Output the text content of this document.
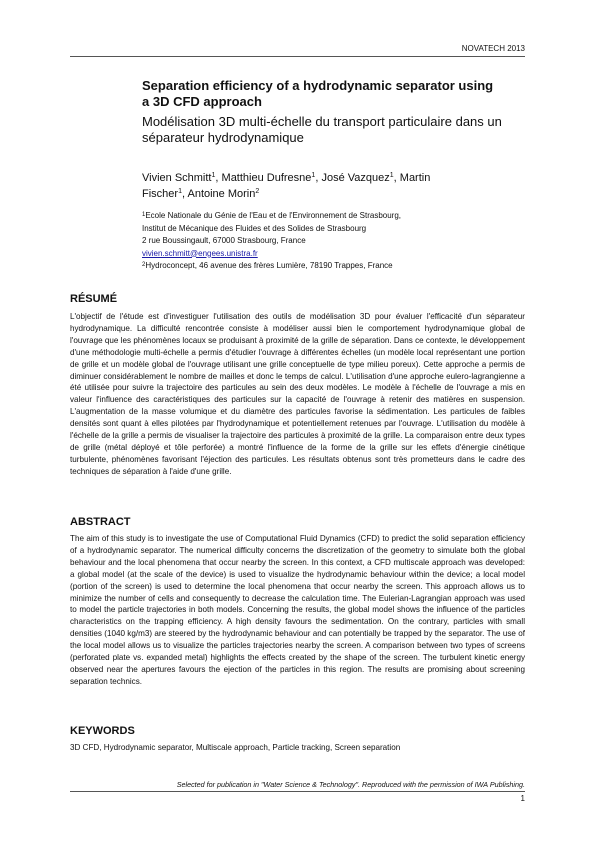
NOVATECH 2013
Separation efficiency of a hydrodynamic separator using a 3D CFD approach
Modélisation 3D multi-échelle du transport particulaire dans un séparateur hydrodynamique
Vivien Schmitt$^1$, Matthieu Dufresne$^1$, José Vazquez$^1$, Martin Fischer$^1$, Antoine Morin$^2$
$^1$Ecole Nationale du Génie de l'Eau et de l'Environnement de Strasbourg,
Institut de Mécanique des Fluides et des Solides de Strasbourg
2 rue Boussingault, 67000 Strasbourg, France
vivien.schmitt@engees.unistra.fr
$^2$Hydroconcept, 46 avenue des frères Lumière, 78190 Trappes, France
RÉSUMÉ
L'objectif de l'étude est d'investiguer l'utilisation des outils de modélisation 3D pour évaluer l'efficacité d'un séparateur hydrodynamique. La difficulté rencontrée consiste à modéliser aussi bien le comportement hydrodynamique global de l'ouvrage que les phénomènes locaux se produisant à proximité de la grille de séparation. Dans ce contexte, le développement d'une méthodologie multi-échelle a permis d'étudier l'ouvrage à différentes échelles (un modèle local représentant une portion de grille et un modèle global de l'ouvrage utilisant une grille conceptuelle de type milieu poreux). Cette approche a permis de diminuer considérablement le nombre de mailles et donc le temps de calcul. L'utilisation d'une approche eulero-lagrangienne a été utilisée pour suivre la trajectoire des particules au sein des deux modèles. Le modèle à l'échelle de l'ouvrage a mis en valeur l'influence des caractéristiques des particules sur la capacité de l'ouvrage à retenir des matières en suspension. L'augmentation de la masse volumique et du diamètre des particules favorise la sédimentation. Les particules de faibles densités sont quant à elles pilotées par l'hydrodynamique et potentiellement retenues par l'ouvrage. L'utilisation du modèle à l'échelle de la grille a permis de visualiser la trajectoire des particules à proximité de la grille. La comparaison entre deux types de grille (métal déployé et tôle perforée) a montré l'influence de la forme de la grille sur les effets d'énergie cinétique turbulente, phénomènes favorisant l'éjection des particules. Les résultats obtenus sont très prometteurs dans le cadre des techniques de séparation à l'aide d'une grille.
ABSTRACT
The aim of this study is to investigate the use of Computational Fluid Dynamics (CFD) to predict the solid separation efficiency of a hydrodynamic separator. The numerical difficulty concerns the discretization of the geometry to simulate both the global behaviour and the local phenomena that occur nearby the screen. In this context, a CFD multiscale approach was developed: a global model (at the scale of the device) is used to visualize the hydrodynamic behaviour within the device; a local model (portion of the screen) is used to determine the local phenomena that occur nearby the screen. This approach allows us to minimize the number of cells and consequently to decrease the calculation time. The Eulerian-Lagrangian approach was used to model the particle trajectories in both models. Concerning the results, the global model shows the influence of the particles characteristics on the trapping efficiency. A high density favours the sedimentation. On the contrary, particles with small densities (1040 kg/m3) are steered by the hydrodynamic behaviour and can potentially be trapped by the separator. The use of the local model allows us to visualize the particles trajectories nearby the screen. A comparison between two types of screens (perforated plate vs. expanded metal) highlights the effects created by the shape of the screen. The turbulent kinetic energy observed near the apertures favours the ejection of the particles in this region. The results are promising about screening separation technics.
KEYWORDS
3D CFD, Hydrodynamic separator, Multiscale approach, Particle tracking, Screen separation
Selected for publication in "Water Science & Technology". Reproduced with the permission of IWA Publishing.
1
